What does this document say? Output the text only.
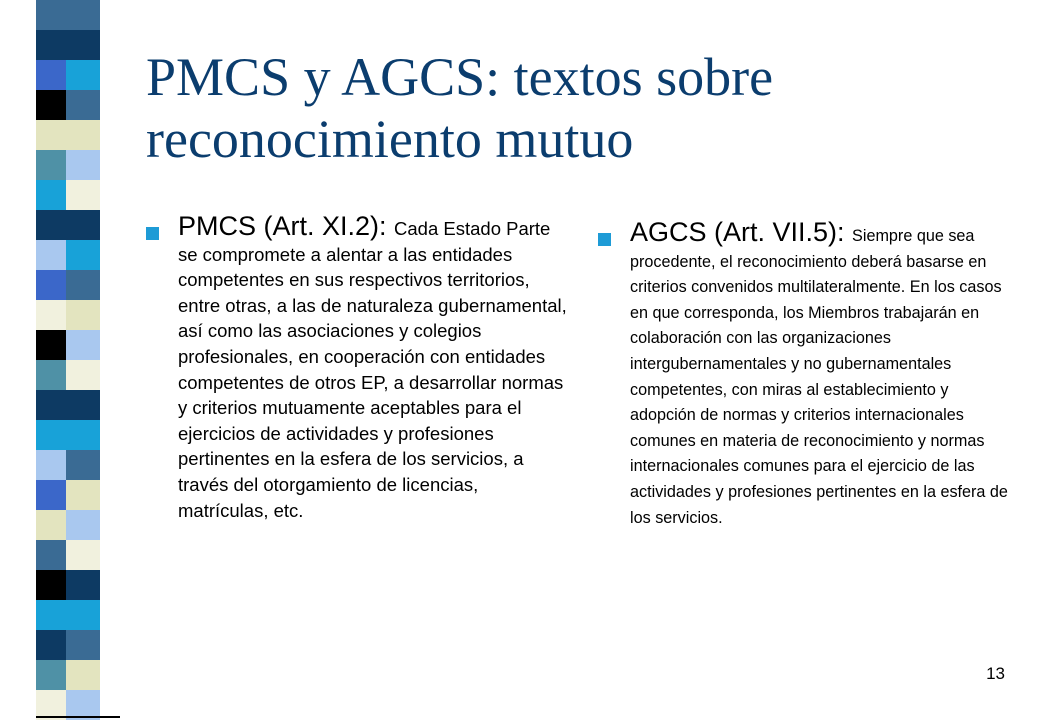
PMCS y AGCS: textos sobre reconocimiento mutuo
PMCS (Art. XI.2): Cada Estado Parte se compromete a alentar a las entidades competentes en sus respectivos territorios, entre otras, a las de naturaleza gubernamental, así como las asociaciones y colegios profesionales, en cooperación con entidades competentes de otros EP, a desarrollar normas y criterios mutuamente aceptables para el ejercicios de actividades y profesiones pertinentes en la esfera de los servicios, a través del otorgamiento de licencias, matrículas, etc.
AGCS (Art. VII.5): Siempre que sea procedente, el reconocimiento deberá basarse en criterios convenidos multilateralmente. En los casos en que corresponda, los Miembros trabajarán en colaboración con las organizaciones intergubernamentales y no gubernamentales competentes, con miras al establecimiento y adopción de normas y criterios internacionales comunes en materia de reconocimiento y normas internacionales comunes para el ejercicio de las actividades y profesiones pertinentes en la esfera de los servicios.
13
